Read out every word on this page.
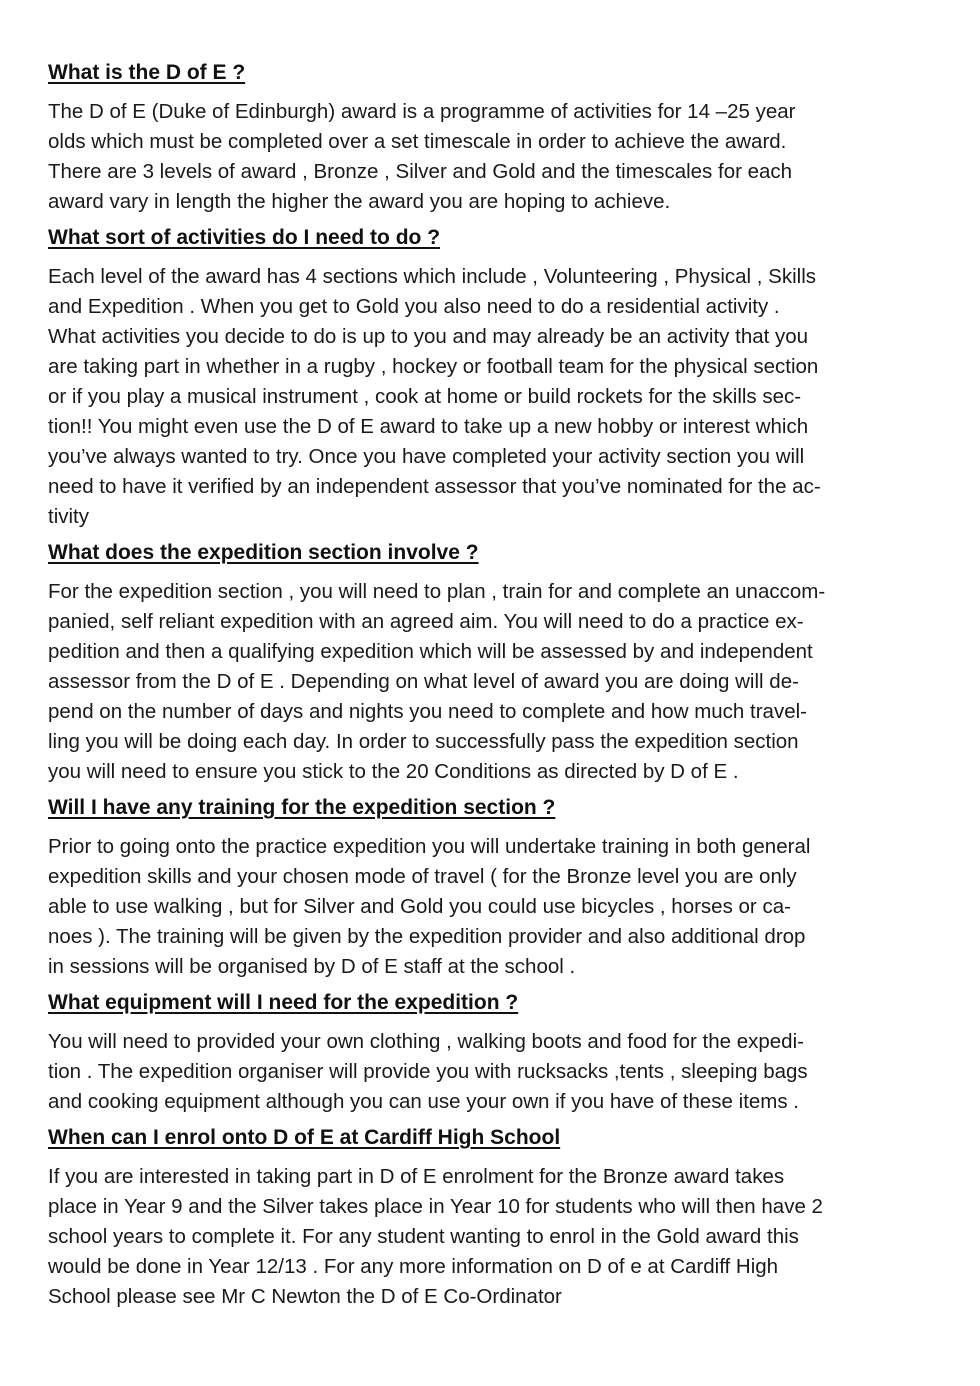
What is the D of E ?

The D of E (Duke of Edinburgh) award is a programme of activities for 14 –25 year
olds which must be completed over a set timescale in order to achieve the award.
There are 3 levels of award , Bronze , Silver and Gold and the timescales for each
award vary in length the higher the award you are hoping to achieve.

What sort of activities do I need to do ?

Each level of the award has 4 sections which include , Volunteering , Physical , Skills
and Expedition . When you get to Gold you also need to do a residential activity .
What activities you decide to do is up to you and may already be an activity that you
are taking part in whether in a rugby , hockey or football team for the physical section
or if you play a musical instrument , cook at home or build rockets for the skills sec-
tion!! You might even use the D of E award to take up a new hobby or interest which
you’ve always wanted to try. Once you have completed your activity section you will
need to have it verified by an independent assessor that you’ve nominated for the ac-
tivity

What does the expedition section involve ?

For the expedition section , you will need to plan , train for and complete an unaccom-
panied, self reliant expedition with an agreed aim. You will need to do a practice ex-
pedition and then a qualifying expedition which will be assessed by and independent
assessor from the D of E . Depending on what level of award you are doing will de-
pend on the number of days and nights you need to complete and how much travel-
ling you will be doing each day. In order to successfully pass the expedition section
you will need to ensure you stick to the 20 Conditions as directed by D of E .

Will I have any training for the expedition section ?

Prior to going onto the practice expedition you will undertake training in both general
expedition skills and your chosen mode of travel ( for the Bronze level you are only
able to use walking , but for Silver and Gold you could use bicycles , horses or ca-
noes ). The training will be given by the expedition provider and also additional drop
in sessions will be organised by D of E staff at the school .

What equipment will I need for the expedition ?

You will need to provided your own clothing , walking boots and food for the expedi-
tion . The expedition organiser will provide you with rucksacks ,tents , sleeping bags
and cooking equipment although you can use your own if you have of these items .

When can I enrol onto D of E at Cardiff High School

If you are interested in taking part in D of E enrolment for the Bronze award takes
place in Year 9 and the Silver takes place in Year 10 for students who will then have 2
school years to complete it. For any student wanting to enrol in the Gold award this
would be done in Year 12/13 . For any more information on D of e at Cardiff High
School please see Mr C Newton the D of E Co-Ordinator
